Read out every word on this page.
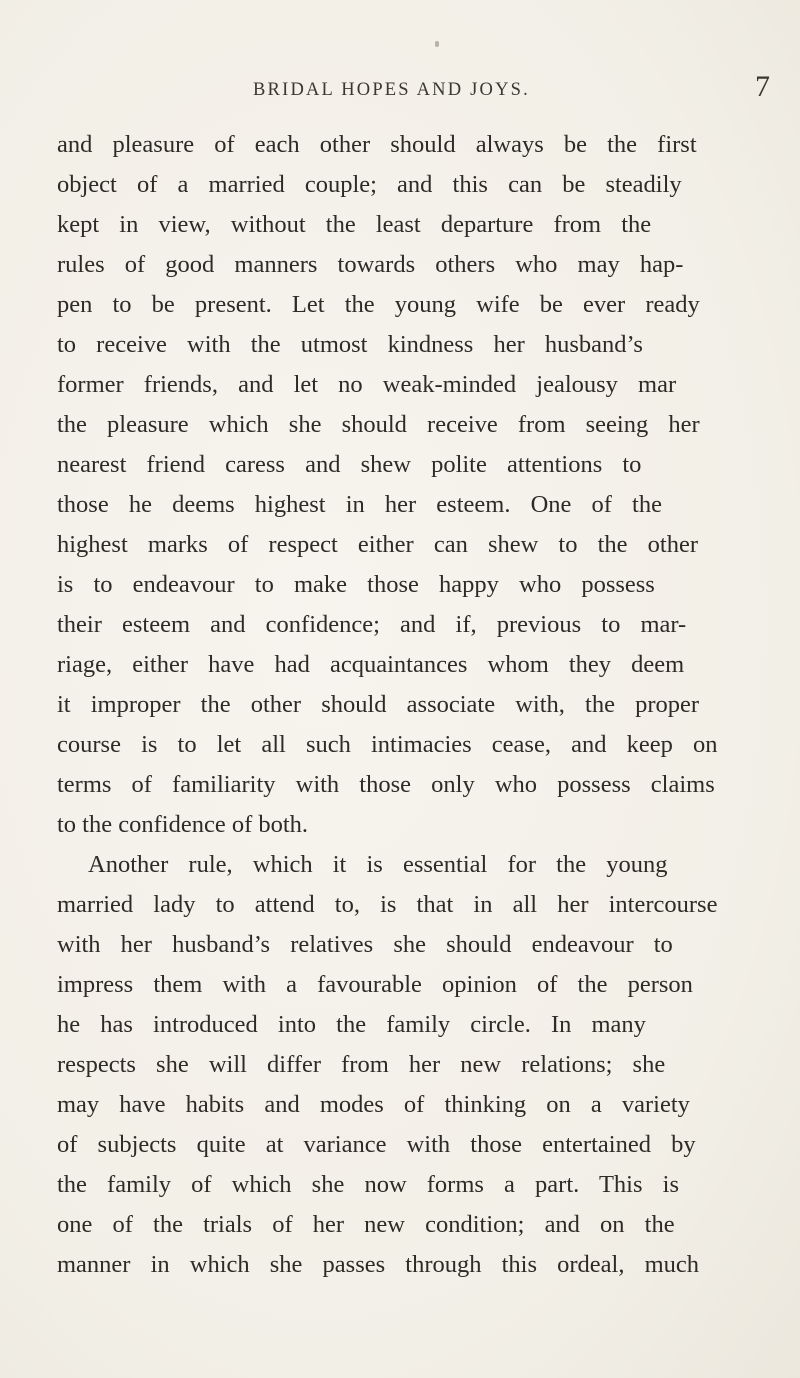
BRIDAL HOPES AND JOYS.	7
and pleasure of each other should always be the first
object of a married couple; and this can be steadily
kept in view, without the least departure from the
rules of good manners towards others who may hap-
pen to be present. Let the young wife be ever ready
to receive with the utmost kindness her husband’s
former friends, and let no weak-minded jealousy mar
the pleasure which she should receive from seeing her
nearest friend caress and shew polite attentions to
those he deems highest in her esteem. One of the
highest marks of respect either can shew to the other
is to endeavour to make those happy who possess
their esteem and confidence; and if, previous to mar-
riage, either have had acquaintances whom they deem
it improper the other should associate with, the proper
course is to let all such intimacies cease, and keep on
terms of familiarity with those only who possess claims
to the confidence of both.
Another rule, which it is essential for the young
married lady to attend to, is that in all her intercourse
with her husband’s relatives she should endeavour to
impress them with a favourable opinion of the person
he has introduced into the family circle. In many
respects she will differ from her new relations; she
may have habits and modes of thinking on a variety
of subjects quite at variance with those entertained by
the family of which she now forms a part. This is
one of the trials of her new condition; and on the
manner in which she passes through this ordeal, much
